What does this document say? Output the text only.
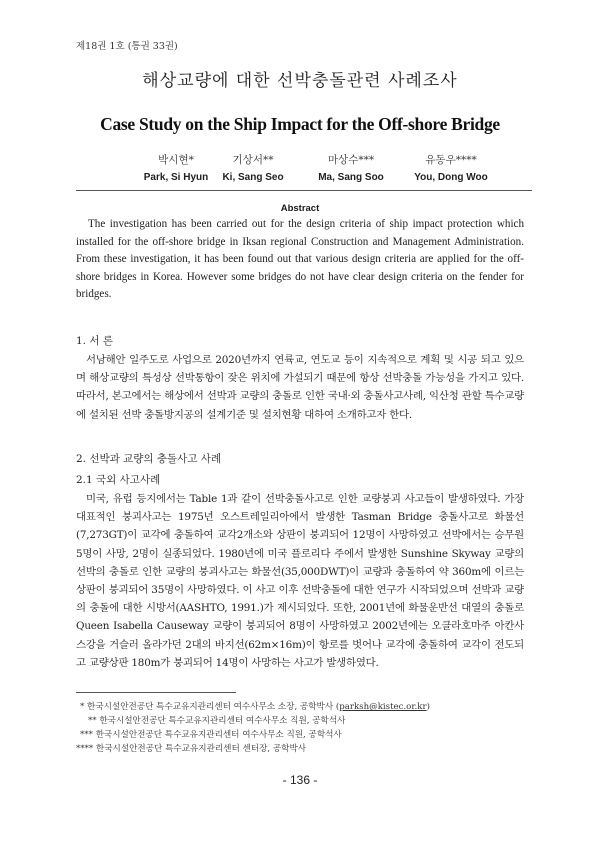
제18권 1호 (통권 33권)
해상교량에 대한 선박충돌관련 사례조사
Case Study on the Ship Impact for the Off-shore Bridge
박시현*
Park, Si Hyun
기상서**
Ki, Sang Seo
마상수***
Ma, Sang Soo
유동우****
You, Dong Woo
Abstract

The investigation has been carried out for the design criteria of ship impact protection which installed for the off-shore bridge in Iksan regional Construction and Management Administration. From these investigation, it has been found out that various design criteria are applied for the off-shore bridges in Korea. However some bridges do not have clear design criteria on the fender for bridges.

1. 서 론

서남해안 일주도로 사업으로 2020년까지 연륙교, 연도교 등이 지속적으로 계획 및 시공 되고 있으며 해상교량의 특성상 선박통항이 잦은 위치에 가설되기 때문에 항상 선박충돌 가능성을 가지고 있다. 따라서, 본고에서는 해상에서 선박과 교량의 충돌로 인한 국내·외 충돌사고사례, 익산청 관할 특수교량에 설치된 선박 충돌방지공의 설계기준 및 설치현황 대하여 소개하고자 한다.

2. 선박과 교량의 충돌사고 사례
2.1 국외 사고사례

미국, 유럽 등지에서는 Table 1과 같이 선박충돌사고로 인한 교량붕괴 사고들이 발생하였다. 가장 대표적인 붕괴사고는 1975년 오스트레일리아에서 발생한 Tasman Bridge 충돌사고로 화물선(7,273GT)이 교각에 충돌하여 교각2개소와 상판이 붕괴되어 12명이 사망하였고 선박에서는 승무원 5명이 사망, 2명이 실종되었다. 1980년에 미국 플로리다 주에서 발생한 Sunshine Skyway 교량의 선박의 충돌로 인한 교량의 붕괴사고는 화물선(35,000DWT)이 교량과 충돌하여 약 360m에 이르는 상판이 붕괴되어 35명이 사망하였다. 이 사고 이후 선박충돌에 대한 연구가 시작되었으며 선박과 교량의 충돌에 대한 시방서(AASHTO, 1991.)가 제시되었다. 또한, 2001년에 화물운반선 대열의 충돌로 Queen Isabella Causeway 교량이 붕괴되어 8명이 사망하였고 2002년에는 오클라호마주 아칸사스강을 거슬러 올라가던 2대의 바지선(62m×16m)이 항로를 벗어나 교각에 충돌하여 교각이 전도되고 교량상판 180m가 붕괴되어 14명이 사망하는 사고가 발생하였다.

* 한국시설안전공단 특수교유지관리센터 여수사무소 소장, 공학박사 (parksh@kistec.or.kr)
** 한국시설안전공단 특수교유지관리센터 여수사무소 직원, 공학석사
*** 한국시설안전공단 특수교유지관리센터 여수사무소 직원, 공학석사
**** 한국시설안전공단 특수교유지관리센터 센터장, 공학박사
- 136 -
